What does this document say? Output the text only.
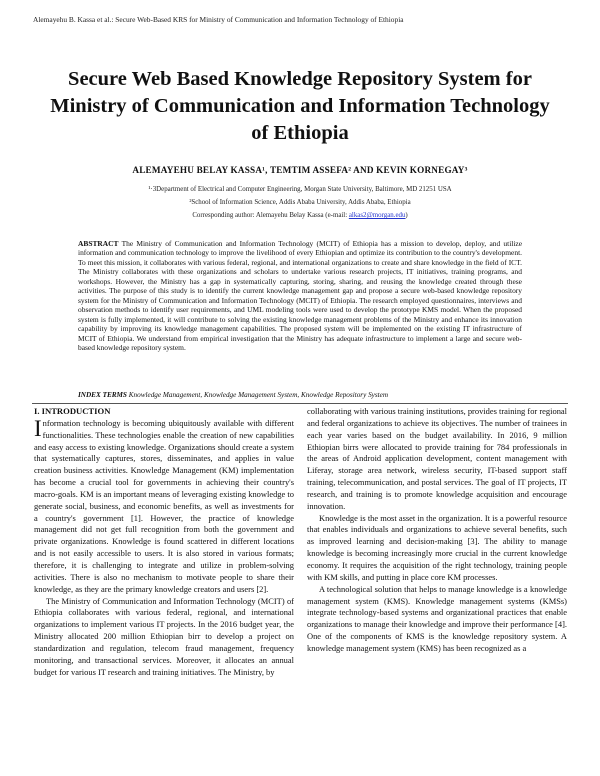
Alemayehu B. Kassa et al.: Secure Web-Based KRS for Ministry of Communication and Information Technology of Ethiopia
Secure Web Based Knowledge Repository System for Ministry of Communication and Information Technology of Ethiopia
ALEMAYEHU BELAY KASSA¹, TEMTIM ASSEFA² AND KEVIN KORNEGAY³
¹·3Department of Electrical and Computer Engineering, Morgan State University, Baltimore, MD 21251 USA
²School of Information Science, Addis Ababa University, Addis Ababa, Ethiopia
Corresponding author: Alemayehu Belay Kassa (e-mail: alkas2@morgan.edu)

ABSTRACT The Ministry of Communication and Information Technology (MCIT) of Ethiopia has a mission to develop, deploy, and utilize information and communication technology to improve the livelihood of every Ethiopian and optimize its contribution to the country's development. To meet this mission, it collaborates with various federal, regional, and international organizations to create and share knowledge in the field of ICT. The Ministry collaborates with these organizations and scholars to undertake various research projects, IT initiatives, training programs, and workshops. However, the Ministry has a gap in systematically capturing, storing, sharing, and reusing the knowledge created through these activities. The purpose of this study is to identify the current knowledge management gap and propose a secure web-based knowledge repository system for the Ministry of Communication and Information Technology (MCIT) of Ethiopia. The research employed questionnaires, interviews and observation methods to identify user requirements, and UML modeling tools were used to develop the prototype KMS model. When the proposed system is fully implemented, it will contribute to solving the existing knowledge management problems of the Ministry and enhance its innovation capability by improving its knowledge management capabilities. The proposed system will be implemented on the existing IT infrastructure of MCIT of Ethiopia. We understand from empirical investigation that the Ministry has adequate infrastructure to implement a large and secure web-based knowledge repository system.

INDEX TERMS Knowledge Management, Knowledge Management System, Knowledge Repository System
I. INTRODUCTION

Information technology is becoming ubiquitously available with different functionalities. These technologies enable the creation of new capabilities and easy access to existing knowledge. Organizations should create a system that systematically captures, stores, disseminates, and applies in value creation business activities. Knowledge Management (KM) implementation has become a crucial tool for governments in achieving their country's macro-goals. KM is an important means of leveraging existing knowledge to generate social, business, and economic benefits, as well as investments for a country's government [1]. However, the practice of knowledge management did not get full recognition from both the government and private organizations. Knowledge is found scattered in different locations and is not easily accessible to users. It is also stored in various formats; therefore, it is challenging to integrate and utilize in problem-solving activities. There is also no mechanism to motivate people to share their knowledge, as they are the primary knowledge creators and users [2].

The Ministry of Communication and Information Technology (MCIT) of Ethiopia collaborates with various federal, regional, and international organizations to implement various IT projects. In the 2016 budget year, the Ministry allocated 200 million Ethiopian birr to develop a project on standardization and regulation, telecom fraud management, frequency monitoring, and transactional services. Moreover, it allocates an annual budget for various IT research and training initiatives. The Ministry, by

collaborating with various training institutions, provides training for regional and federal organizations to achieve its objectives. The number of trainees in each year varies based on the budget availability. In 2016, 9 million Ethiopian birrs were allocated to provide training for 784 professionals in the areas of Android application development, content management with Liferay, storage area network, wireless security, IT-based support staff training, telecommunication, and postal services. The goal of IT projects, IT research, and training is to promote knowledge acquisition and encourage innovation.

Knowledge is the most asset in the organization. It is a powerful resource that enables individuals and organizations to achieve several benefits, such as improved learning and decision-making [3]. The ability to manage knowledge is becoming increasingly more crucial in the current knowledge economy. It requires the acquisition of the right technology, training people with KM skills, and putting in place core KM processes.

A technological solution that helps to manage knowledge is a knowledge management system (KMS). Knowledge management systems (KMSs) integrate technology-based systems and organizational practices that enable organizations to manage their knowledge and improve their performance [4]. One of the components of KMS is the knowledge repository system. A knowledge management system (KMS) has been recognized as a
